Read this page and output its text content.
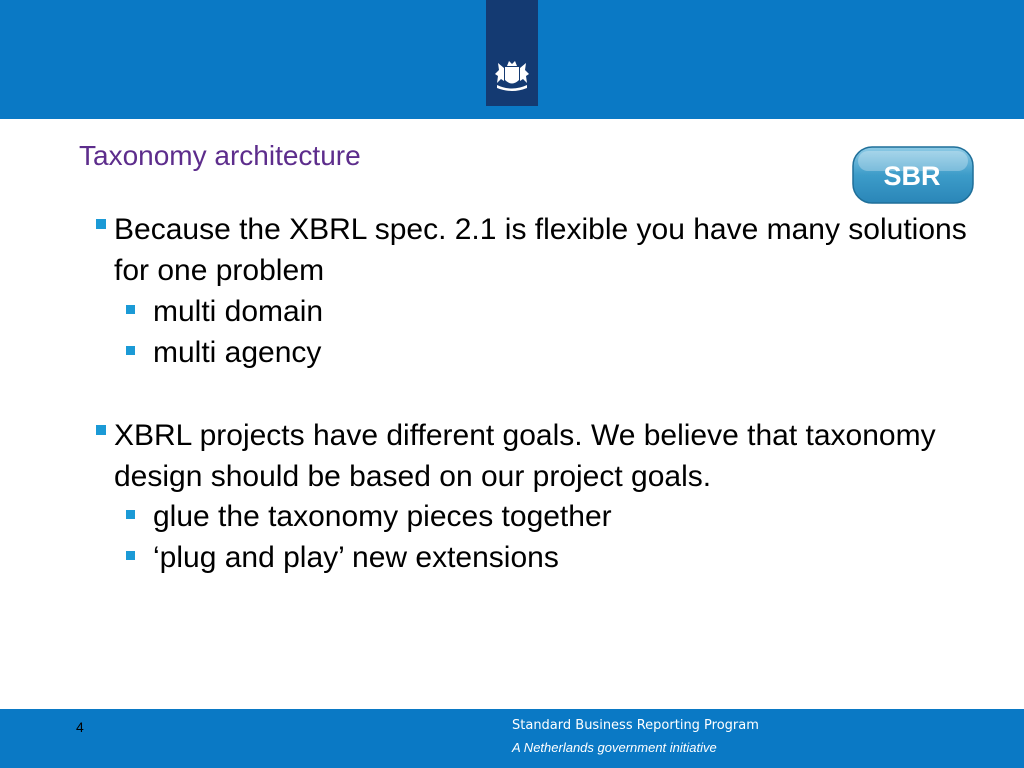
Taxonomy architecture
SBR
Because the XBRL spec. 2.1 is flexible you have many solutions for one problem
multi domain
multi agency
XBRL projects have different goals. We believe that taxonomy design should be based on our project goals.
glue the taxonomy pieces together
‘plug and play’ new extensions
4	Standard Business Reporting Program
A Netherlands government initiative
